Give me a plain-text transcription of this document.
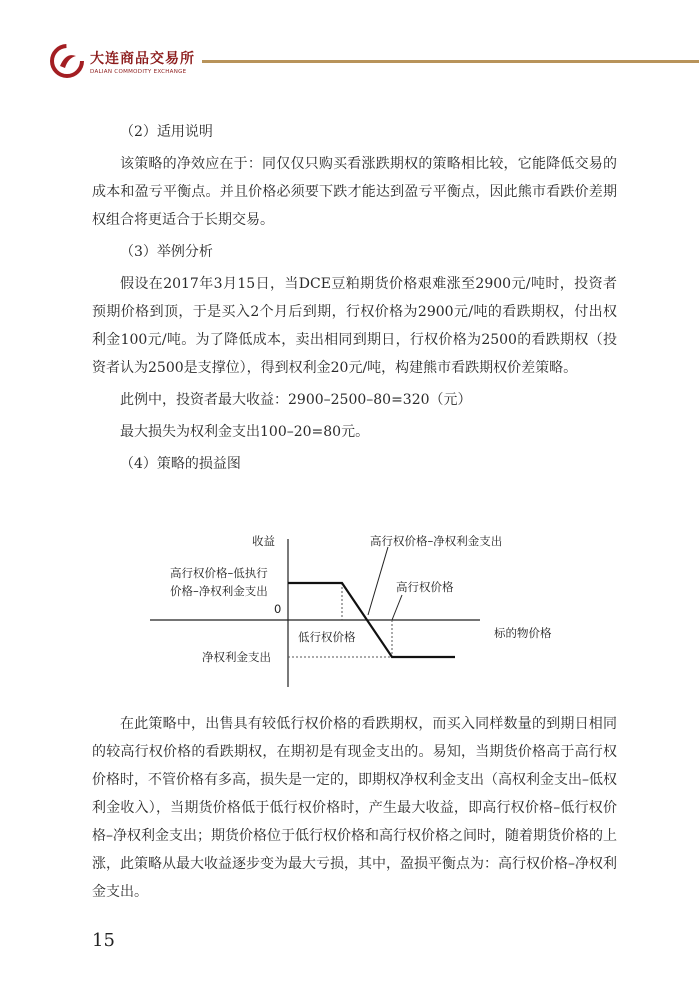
大连商品交易所
DALIAN COMMODITY EXCHANGE

（2）适用说明

该策略的净效应在于：同仅仅只购买看涨跌期权的策略相比较，它能降低交易的成本和盈亏平衡点。并且价格必须要下跌才能达到盈亏平衡点，因此熊市看跌价差期权组合将更适合于长期交易。

（3）举例分析

假设在2017年3月15日，当DCE豆粕期货价格艰难涨至2900元/吨时，投资者预期价格到顶，于是买入2个月后到期，行权价格为2900元/吨的看跌期权，付出权利金100元/吨。为了降低成本，卖出相同到期日，行权价格为2500的看跌期权（投资者认为2500是支撑位），得到权利金20元/吨，构建熊市看跌期权价差策略。

此例中，投资者最大收益：2900–2500–80=320（元）

最大损失为权利金支出100–20=80元。

（4）策略的损益图

收益
标的物价格
0
高行权价格–低执行
价格–净权利金支出
净权利金支出
高行权价格–净权利金支出
低行权价格
高行权价格

在此策略中，出售具有较低行权价格的看跌期权，而买入同样数量的到期日相同的较高行权价格的看跌期权，在期初是有现金支出的。易知，当期货价格高于高行权价格时，不管价格有多高，损失是一定的，即期权净权利金支出（高权利金支出–低权利金收入），当期货价格低于低行权价格时，产生最大收益，即高行权价格–低行权价格–净权利金支出；期货价格位于低行权价格和高行权价格之间时，随着期货价格的上涨，此策略从最大收益逐步变为最大亏损，其中，盈损平衡点为：高行权价格–净权利金支出。

15
